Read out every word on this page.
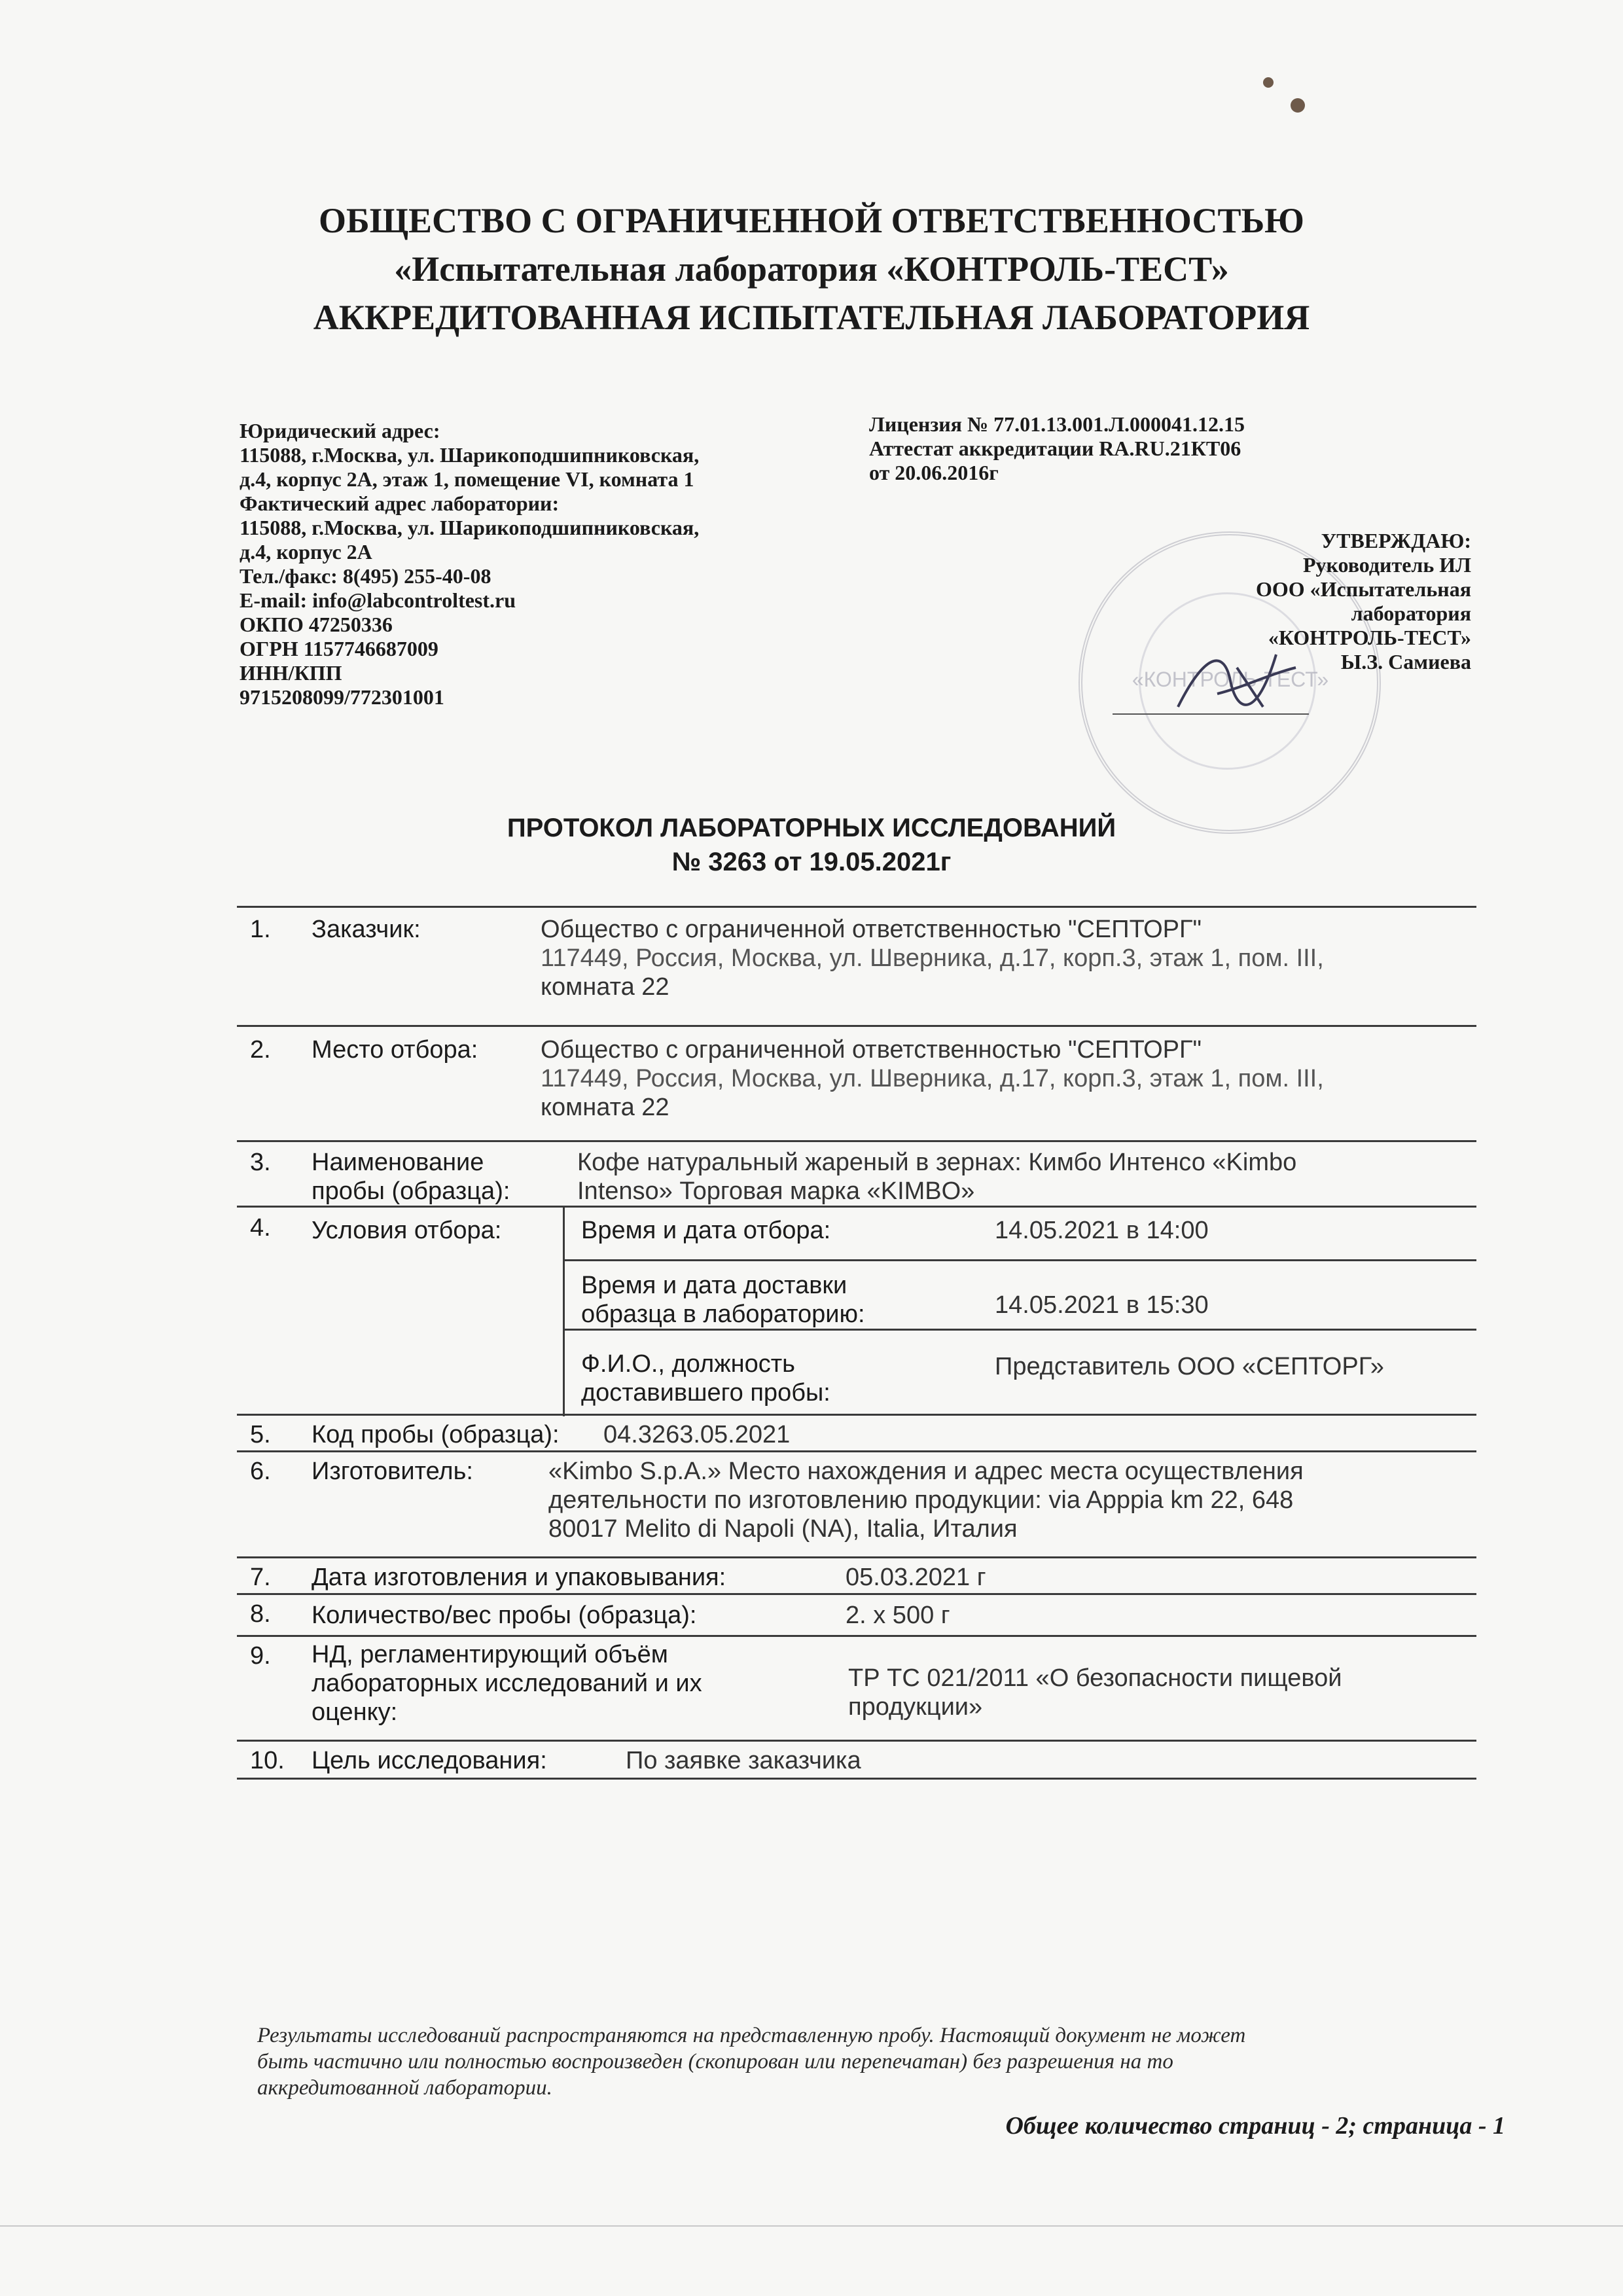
ОБЩЕСТВО С ОГРАНИЧЕННОЙ ОТВЕТСТВЕННОСТЬЮ
«Испытательная лаборатория «КОНТРОЛЬ-ТЕСТ»
АККРЕДИТОВАННАЯ ИСПЫТАТЕЛЬНАЯ ЛАБОРАТОРИЯ
Юридический адрес:
115088, г.Москва, ул. Шарикоподшипниковская,
д.4, корпус 2А, этаж 1, помещение VI, комната 1
Фактический адрес лаборатории:
115088, г.Москва, ул. Шарикоподшипниковская,
д.4, корпус 2А
Тел./факс: 8(495) 255-40-08
E-mail: info@labcontroltest.ru
ОКПО 47250336
ОГРН 1157746687009
ИНН/КПП
9715208099/772301001
Лицензия № 77.01.13.001.Л.000041.12.15
Аттестат аккредитации RA.RU.21КТ06
от 20.06.2016г
«КОНТРОЛЬ-ТЕСТ»
УТВЕРЖДАЮ:
Руководитель ИЛ
ООО «Испытательная
лаборатория
«КОНТРОЛЬ-ТЕСТ»
Ы.З. Самиева
ПРОТОКОЛ ЛАБОРАТОРНЫХ ИССЛЕДОВАНИЙ
№ 3263 от 19.05.2021г
1. Заказчик:	Общество с ограниченной ответственностью "СЕПТОРГ"
117449, Россия, Москва, ул. Шверника, д.17, корп.3, этаж 1, пом. III,
комната 22
2. Место отбора:	Общество с ограниченной ответственностью "СЕПТОРГ"
117449, Россия, Москва, ул. Шверника, д.17, корп.3, этаж 1, пом. III,
комната 22
3. Наименование
пробы (образца):
Кофе натуральный жареный в зернах: Кимбо Интенсо «Kimbo
Intenso» Торговая марка «KIMBO»
4. Условия отбора:	Время и дата отбора:	14.05.2021 в 14:00
Время и дата доставки
образца в лабораторию:	14.05.2021 в 15:30
Ф.И.О., должность
доставившего пробы:
Представитель ООО «СЕПТОРГ»
5. Код пробы (образца): 04.3263.05.2021
6. Изготовитель:	«Kimbo S.p.A.» Место нахождения и адрес места осуществления
деятельности по изготовлению продукции: via Apppia km 22, 648
80017 Melito di Napoli (NA), Italia, Италия
7. Дата изготовления и упаковывания:	05.03.2021 г
8. Количество/вес пробы (образца):	2. х 500 г
9. НД, регламентирующий объём
лабораторных исследований и их
оценку:
ТР ТС 021/2011 «О безопасности пищевой
продукции»
10. Цель исследования:	По заявке заказчика
Результаты исследований распространяются на представленную пробу. Настоящий документ не может
быть частично или полностью воспроизведен (скопирован или перепечатан) без разрешения на то
аккредитованной лаборатории.
Общее количество страниц - 2; страница - 1
